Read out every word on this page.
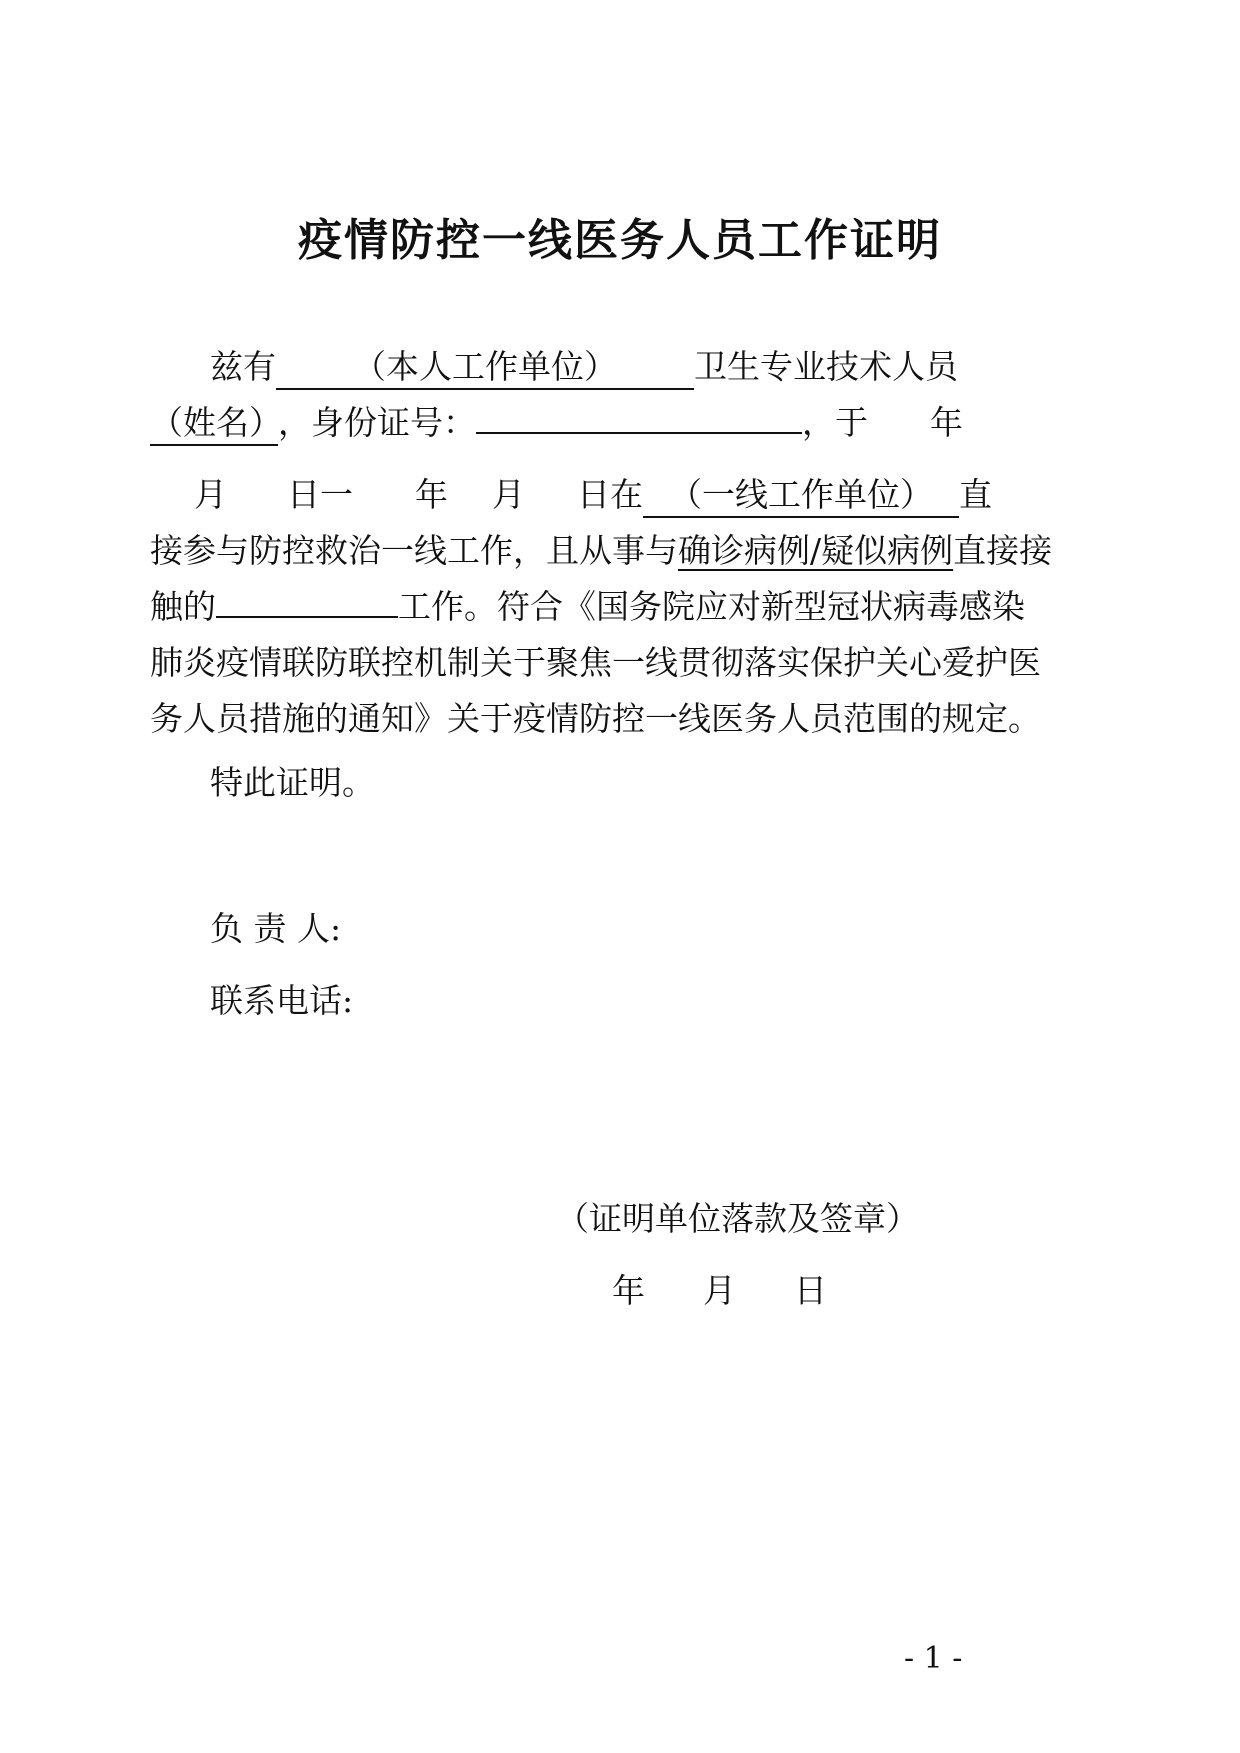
疫情防控一线医务人员工作证明
兹有 （本人工作单位） 卫生专业技术人员
（姓名），身份证号：	，于 年
月 日一 年 月 日在 （一线工作单位） 直
接参与防控救治一线工作，且从事与确诊病例/疑似病例直接接
触的	工作。符合《国务院应对新型冠状病毒感染
肺炎疫情联防联控机制关于聚焦一线贯彻落实保护关心爱护医
务人员措施的通知》关于疫情防控一线医务人员范围的规定。
特此证明。
负 责 人:
联系电话:
（证明单位落款及签章）
年 月 日
- 1 -
